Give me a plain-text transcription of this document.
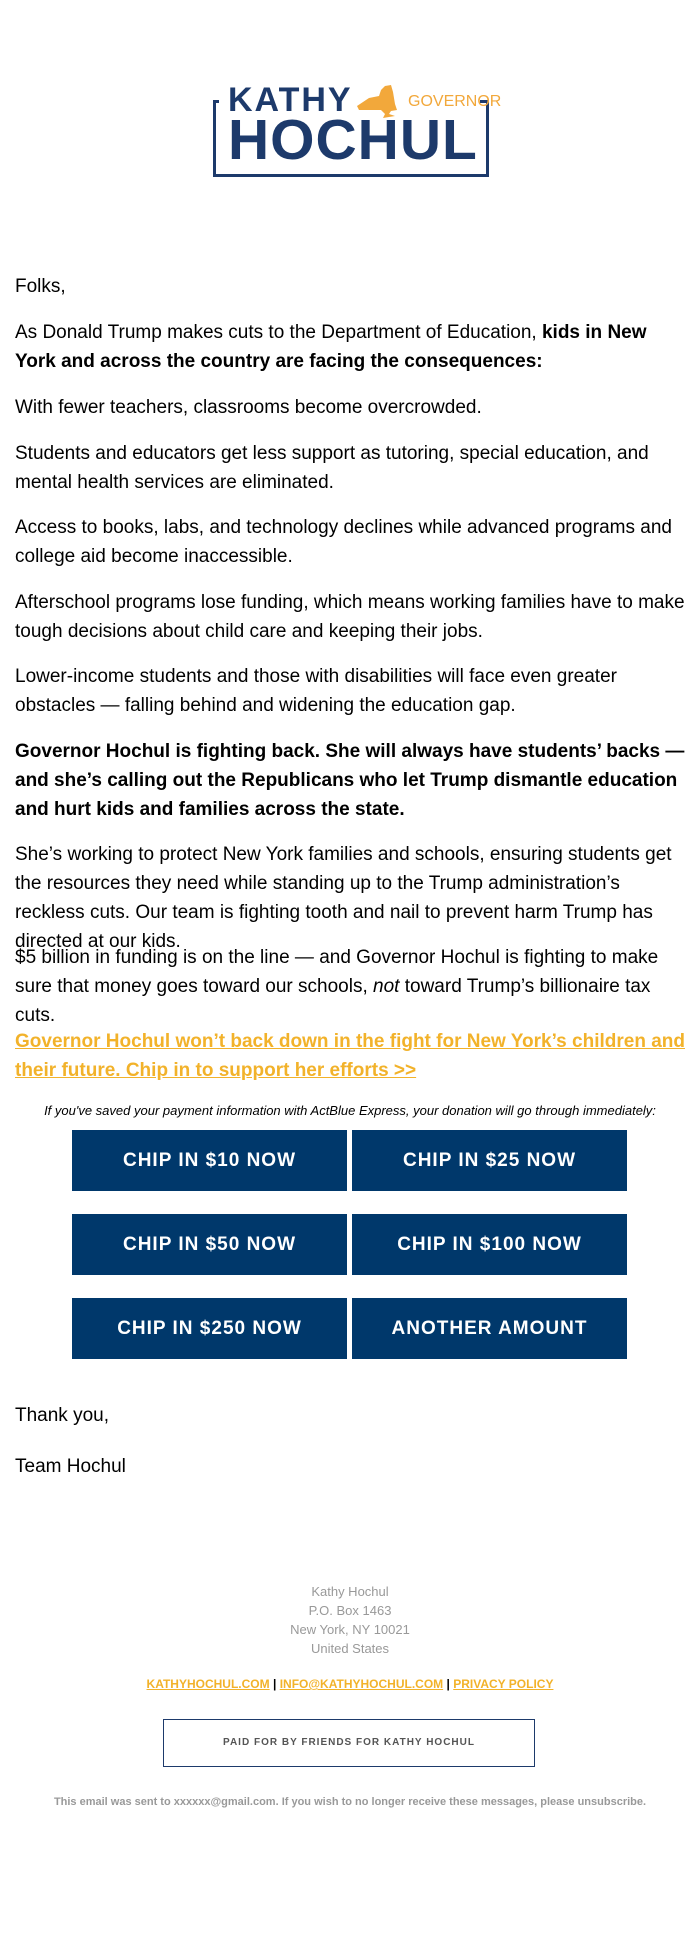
KATHY	GOVERNOR
HOCHUL

Folks,

As Donald Trump makes cuts to the Department of Education, kids in New York and across the country are facing the consequences:

With fewer teachers, classrooms become overcrowded.

Students and educators get less support as tutoring, special education, and mental health services are eliminated.

Access to books, labs, and technology declines while advanced programs and college aid become inaccessible.

Afterschool programs lose funding, which means working families have to make tough decisions about child care and keeping their jobs.

Lower-income students and those with disabilities will face even greater obstacles — falling behind and widening the education gap.

Governor Hochul is fighting back. She will always have students’ backs — and she’s calling out the Republicans who let Trump dismantle education and hurt kids and families across the state.

She’s working to protect New York families and schools, ensuring students get the resources they need while standing up to the Trump administration’s reckless cuts. Our team is fighting tooth and nail to prevent harm Trump has directed at our kids.

$5 billion in funding is on the line — and Governor Hochul is fighting to make sure that money goes toward our schools, not toward Trump’s billionaire tax cuts.

Governor Hochul won’t back down in the fight for New York’s children and their future. Chip in to support her efforts >>
If you've saved your payment information with ActBlue Express, your donation will go through immediately:
CHIP IN $10 NOW	CHIP IN $25 NOW
CHIP IN $50 NOW	CHIP IN $100 NOW
CHIP IN $250 NOW	ANOTHER AMOUNT
Thank you,
Team Hochul
Kathy Hochul
P.O. Box 1463
New York, NY 10021
United States
KATHYHOCHUL.COM | INFO@KATHYHOCHUL.COM | PRIVACY POLICY
PAID FOR BY FRIENDS FOR KATHY HOCHUL
This email was sent to xxxxxx@gmail.com. If you wish to no longer receive these messages, please unsubscribe.
